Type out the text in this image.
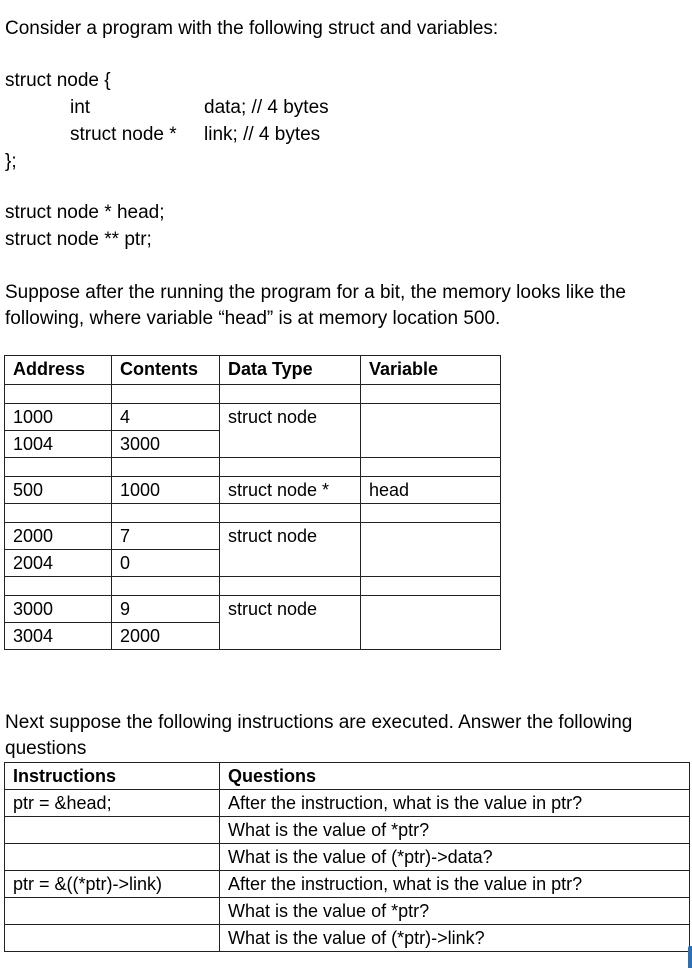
Consider a program with the following struct and variables:
struct node {
int	data; // 4 bytes
struct node * link; // 4 bytes
};
struct node * head;
struct node ** ptr;
Suppose after the running the program for a bit, the memory looks like the
following, where variable “head” is at memory location 500.
Address	Contents	Data Type	Variable

1000	4	struct node	
1004	3000		

500	1000	struct node *	head

2000	7	struct node	
2004	0		

3000	9	struct node	
3004	2000		
Next suppose the following instructions are executed. Answer the following
questions
Instructions	Questions
ptr = &head;	After the instruction, what is the value in ptr?
	What is the value of *ptr?
	What is the value of (*ptr)->data?
ptr = &((*ptr)->link)	After the instruction, what is the value in ptr?
	What is the value of *ptr?
	What is the value of (*ptr)->link?
